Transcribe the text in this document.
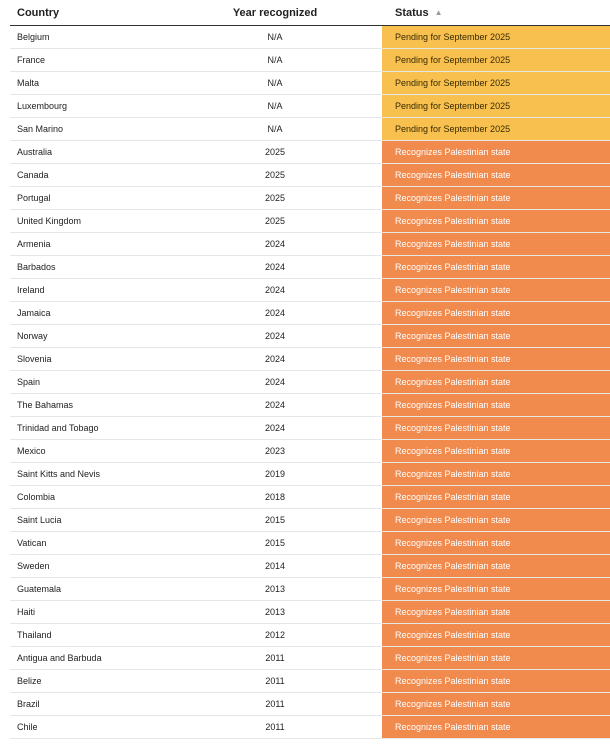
Country	Year recognized	Status ▲
Belgium	N/A	Pending for September 2025
France	N/A	Pending for September 2025
Malta	N/A	Pending for September 2025
Luxembourg	N/A	Pending for September 2025
San Marino	N/A	Pending for September 2025
Australia	2025	Recognizes Palestinian state
Canada	2025	Recognizes Palestinian state
Portugal	2025	Recognizes Palestinian state
United Kingdom	2025	Recognizes Palestinian state
Armenia	2024	Recognizes Palestinian state
Barbados	2024	Recognizes Palestinian state
Ireland	2024	Recognizes Palestinian state
Jamaica	2024	Recognizes Palestinian state
Norway	2024	Recognizes Palestinian state
Slovenia	2024	Recognizes Palestinian state
Spain	2024	Recognizes Palestinian state
The Bahamas	2024	Recognizes Palestinian state
Trinidad and Tobago	2024	Recognizes Palestinian state
Mexico	2023	Recognizes Palestinian state
Saint Kitts and Nevis	2019	Recognizes Palestinian state
Colombia	2018	Recognizes Palestinian state
Saint Lucia	2015	Recognizes Palestinian state
Vatican	2015	Recognizes Palestinian state
Sweden	2014	Recognizes Palestinian state
Guatemala	2013	Recognizes Palestinian state
Haiti	2013	Recognizes Palestinian state
Thailand	2012	Recognizes Palestinian state
Antigua and Barbuda	2011	Recognizes Palestinian state
Belize	2011	Recognizes Palestinian state
Brazil	2011	Recognizes Palestinian state
Chile	2011	Recognizes Palestinian state
